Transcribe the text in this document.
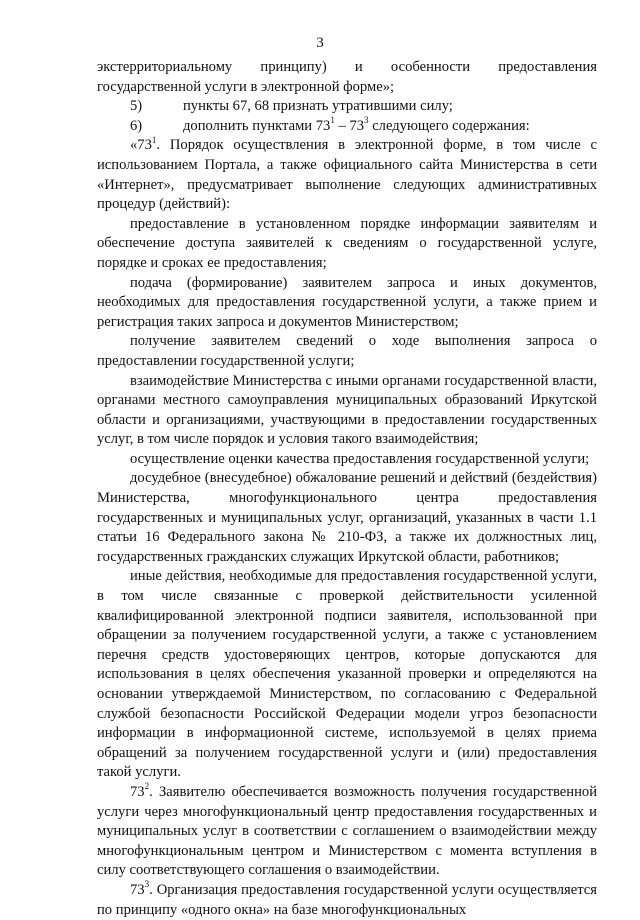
3

экстерриториальному принципу) и особенности предоставления государственной услуги в электронной форме»;

5)	пункты 67, 68 признать утратившими силу;

6)	дополнить пунктами $73^1 - 73^3$ следующего содержания:

«$73^1$. Порядок осуществления в электронной форме, в том числе с использованием Портала, а также официального сайта Министерства в сети «Интернет», предусматривает выполнение следующих административных процедур (действий):

предоставление в установленном порядке информации заявителям и обеспечение доступа заявителей к сведениям о государственной услуге, порядке и сроках ее предоставления;

подача (формирование) заявителем запроса и иных документов, необходимых для предоставления государственной услуги, а также прием и регистрация таких запроса и документов Министерством;

получение заявителем сведений о ходе выполнения запроса о предоставлении государственной услуги;

взаимодействие Министерства с иными органами государственной власти, органами местного самоуправления муниципальных образований Иркутской области и организациями, участвующими в предоставлении государственных услуг, в том числе порядок и условия такого взаимодействия;

осуществление оценки качества предоставления государственной услуги;

досудебное (внесудебное) обжалование решений и действий (бездействия) Министерства, многофункционального центра предоставления государственных и муниципальных услуг, организаций, указанных в части 1.1 статьи 16 Федерального закона № 210-ФЗ, а также их должностных лиц, государственных гражданских служащих Иркутской области, работников;

иные действия, необходимые для предоставления государственной услуги, в том числе связанные с проверкой действительности усиленной квалифицированной электронной подписи заявителя, использованной при обращении за получением государственной услуги, а также с установлением перечня средств удостоверяющих центров, которые допускаются для использования в целях обеспечения указанной проверки и определяются на основании утверждаемой Министерством, по согласованию с Федеральной службой безопасности Российской Федерации модели угроз безопасности информации в информационной системе, используемой в целях приема обращений за получением государственной услуги и (или) предоставления такой услуги.

$73^2$. Заявителю обеспечивается возможность получения государственной услуги через многофункциональный центр предоставления государственных и муниципальных услуг в соответствии с соглашением о взаимодействии между многофункциональным центром и Министерством с момента вступления в силу соответствующего соглашения о взаимодействии.

$73^3$. Организация предоставления государственной услуги осуществляется по принципу «одного окна» на базе многофункциональных
